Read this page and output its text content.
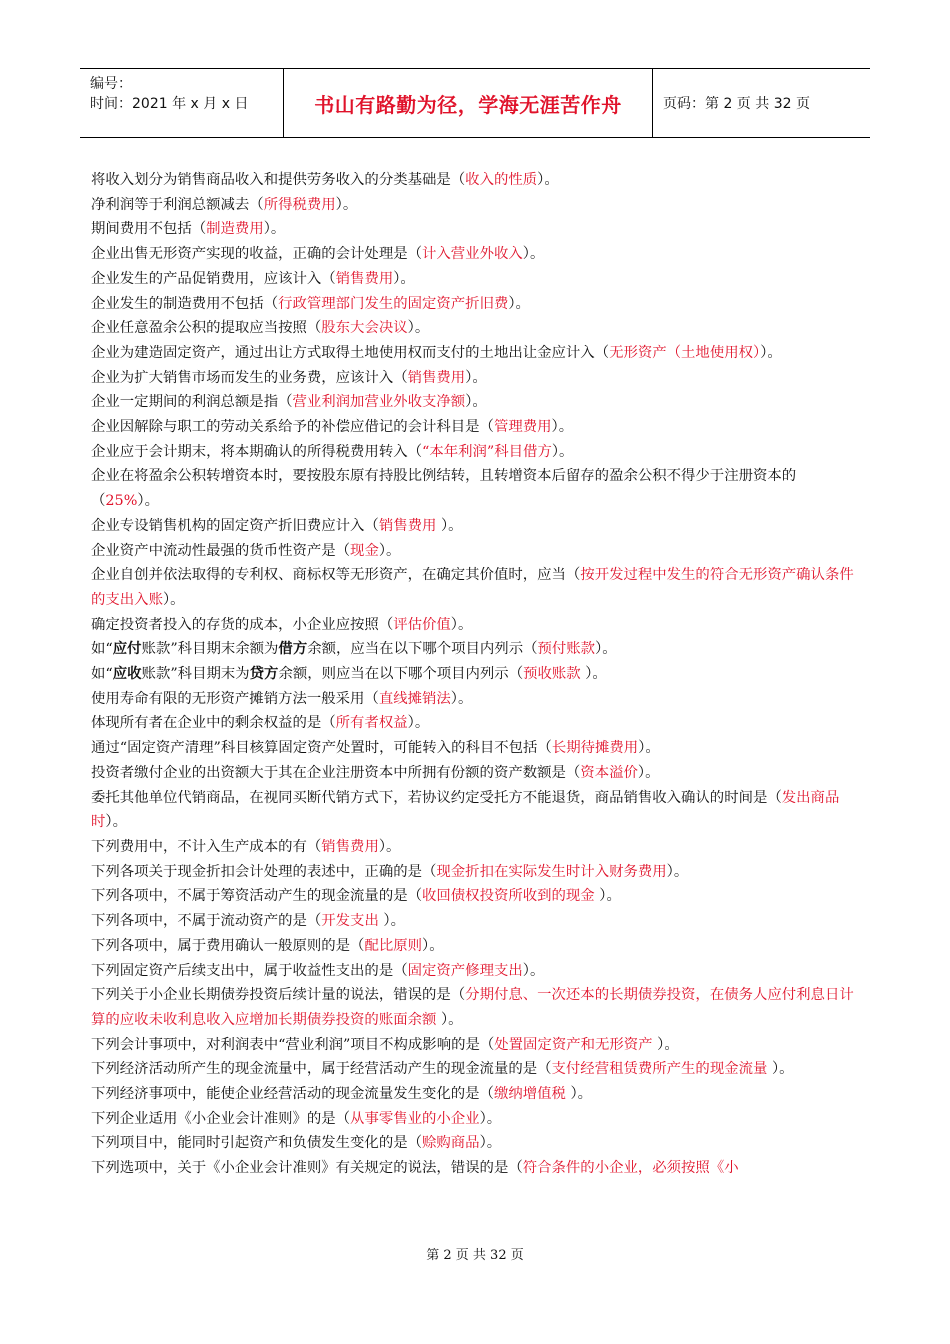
编号：
时间：2021 年 x 月 x 日	书山有路勤为径，学海无涯苦作舟	页码：第 2 页 共 32 页

将收入划分为销售商品收入和提供劳务收入的分类基础是（收入的性质）。

净利润等于利润总额减去（所得税费用）。

期间费用不包括（制造费用）。

企业出售无形资产实现的收益，正确的会计处理是（计入营业外收入）。

企业发生的产品促销费用，应该计入（销售费用）。

企业发生的制造费用不包括（行政管理部门发生的固定资产折旧费）。

企业任意盈余公积的提取应当按照（股东大会决议）。

企业为建造固定资产，通过出让方式取得土地使用权而支付的土地出让金应计入（无形资产（土地使用权））。

企业为扩大销售市场而发生的业务费，应该计入（销售费用）。

企业一定期间的利润总额是指（营业利润加营业外收支净额）。

企业因解除与职工的劳动关系给予的补偿应借记的会计科目是（管理费用）。

企业应于会计期末，将本期确认的所得税费用转入（“本年利润”科目借方）。

企业在将盈余公积转增资本时，要按股东原有持股比例结转，且转增资本后留存的盈余公积不得少于注册资本的（25%）。

企业专设销售机构的固定资产折旧费应计入（销售费用 ）。

企业资产中流动性最强的货币性资产是（现金）。

企业自创并依法取得的专利权、商标权等无形资产，在确定其价值时，应当（按开发过程中发生的符合无形资产确认条件的支出入账）。

确定投资者投入的存货的成本，小企业应按照（评估价值）。

如“应付账款”科目期末余额为借方余额，应当在以下哪个项目内列示（预付账款）。

如“应收账款”科目期末为贷方余额，则应当在以下哪个项目内列示（预收账款 ）。

使用寿命有限的无形资产摊销方法一般采用（直线摊销法）。

体现所有者在企业中的剩余权益的是（所有者权益）。

通过“固定资产清理”科目核算固定资产处置时，可能转入的科目不包括（长期待摊费用）。

投资者缴付企业的出资额大于其在企业注册资本中所拥有份额的资产数额是（资本溢价）。

委托其他单位代销商品，在视同买断代销方式下，若协议约定受托方不能退货，商品销售收入确认的时间是（发出商品时）。

下列费用中，不计入生产成本的有（销售费用）。

下列各项关于现金折扣会计处理的表述中，正确的是（现金折扣在实际发生时计入财务费用）。

下列各项中，不属于筹资活动产生的现金流量的是（收回债权投资所收到的现金 ）。

下列各项中，不属于流动资产的是（开发支出 ）。

下列各项中，属于费用确认一般原则的是（配比原则）。

下列固定资产后续支出中，属于收益性支出的是（固定资产修理支出）。

下列关于小企业长期债券投资后续计量的说法，错误的是（分期付息、一次还本的长期债券投资，在债务人应付利息日计算的应收未收利息收入应增加长期债券投资的账面余额 ）。

下列会计事项中，对利润表中“营业利润”项目不构成影响的是（处置固定资产和无形资产 ）。

下列经济活动所产生的现金流量中，属于经营活动产生的现金流量的是（支付经营租赁费所产生的现金流量 ）。

下列经济事项中，能使企业经营活动的现金流量发生变化的是（缴纳增值税 ）。

下列企业适用《小企业会计准则》的是（从事零售业的小企业）。

下列项目中，能同时引起资产和负债发生变化的是（赊购商品）。

下列选项中，关于《小企业会计准则》有关规定的说法，错误的是（符合条件的小企业，必须按照《小

第 2 页 共 32 页
